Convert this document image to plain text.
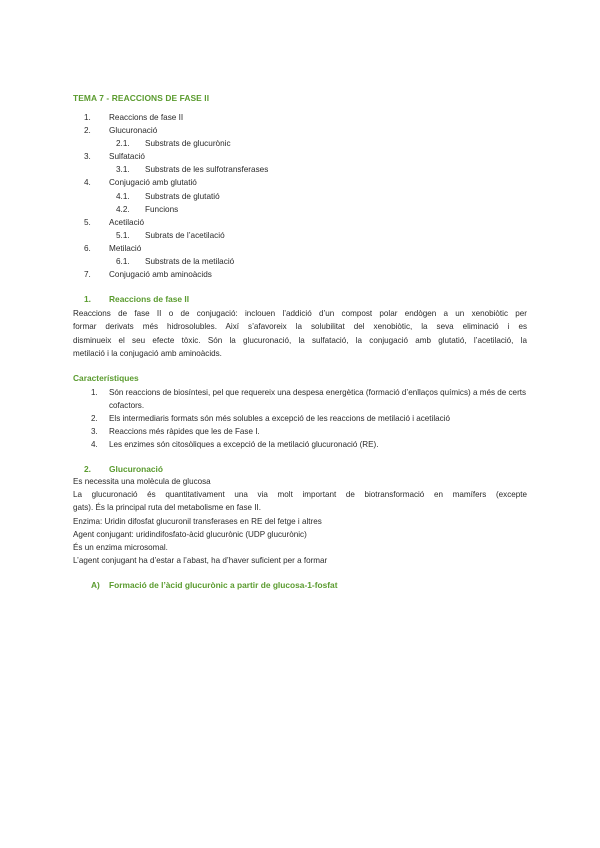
TEMA 7 - REACCIONS DE FASE II
1. Reaccions de fase II
2. Glucuronació
2.1. Substrats de glucurònic
3. Sulfatació
3.1. Substrats de les sulfotransferases
4. Conjugació amb glutatió
4.1. Substrats de glutatió
4.2. Funcions
5. Acetilació
5.1. Subrats de l’acetilació
6. Metilació
6.1. Substrats de la metilació
7. Conjugació amb aminoàcids
1. Reaccions de fase II
Reaccions de fase II o de conjugació: inclouen l’addició d’un compost polar endògen a un xenobiòtic per
formar derivats més hidrosolubles. Així s’afavoreix la solubilitat del xenobiòtic, la seva eliminació i es
disminueix el seu efecte tòxic. Són la glucuronació, la sulfatació, la conjugació amb glutatió, l’acetilació, la
metilació i la conjugació amb aminoàcids.
Característiques
1. Són reaccions de biosíntesi, pel que requereix una despesa energètica (formació d’enllaços químics) a més de certs cofactors.
2. Els intermediaris formats són més solubles a excepció de les reaccions de metilació i acetilació
3. Reaccions més ràpides que les de Fase I.
4. Les enzimes són citosòliques a excepció de la metilació glucuronació (RE).
2. Glucuronació
Es necessita una molècula de glucosa
La glucuronació és quantitativament una via molt important de biotransformació en mamífers (excepte
gats). És la principal ruta del metabolisme en fase II.
Enzima: Uridin difosfat glucuronil transferases en RE del fetge i altres
Agent conjugant: uridindifosfato-àcid glucurònic (UDP glucurònic)
És un enzima microsomal.
L’agent conjugant ha d’estar a l’abast, ha d’haver suficient per a formar
A) Formació de l’àcid glucurònic a partir de glucosa-1-fosfat
